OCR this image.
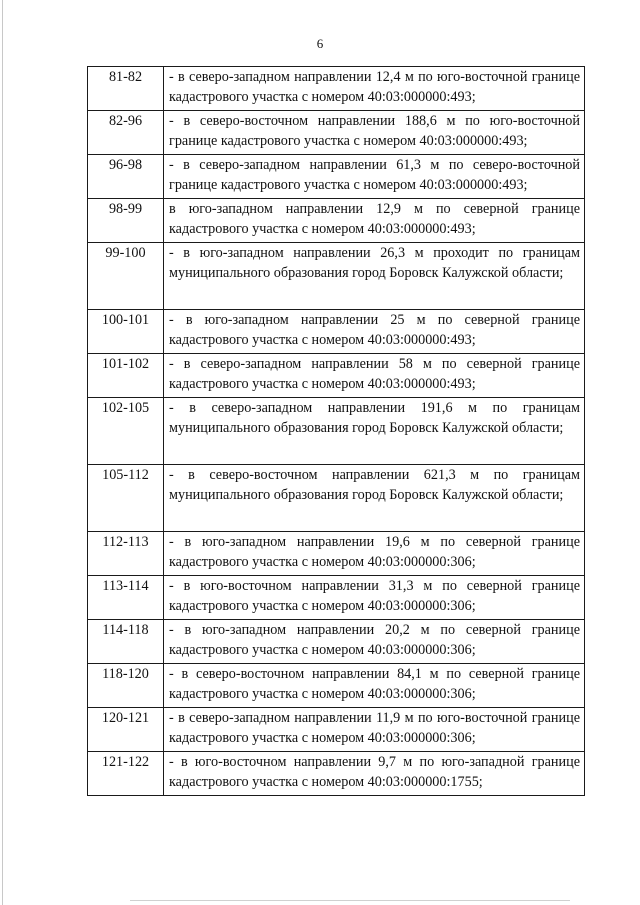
6
81-82	- в северо-западном направлении 12,4 м по юго-восточной границе кадастрового участка с номером 40:03:000000:493;
82-96	- в северо-восточном направлении 188,6 м по юго-восточной границе кадастрового участка с номером 40:03:000000:493;
96-98	- в северо-западном направлении 61,3 м по северо-восточной границе кадастрового участка с номером 40:03:000000:493;
98-99	в юго-западном направлении 12,9 м по северной границе кадастрового участка с номером 40:03:000000:493;
99-100	- в юго-западном направлении 26,3 м проходит по границам муниципального образования город Боровск Калужской области;
100-101	- в юго-западном направлении 25 м по северной границе кадастрового участка с номером 40:03:000000:493;
101-102	- в северо-западном направлении 58 м по северной границе кадастрового участка с номером 40:03:000000:493;
102-105	- в северо-западном направлении 191,6 м по границам муниципального образования город Боровск Калужской области;
105-112	- в северо-восточном направлении 621,3 м по границам муниципального образования город Боровск Калужской области;
112-113	- в юго-западном направлении 19,6 м по северной границе кадастрового участка с номером 40:03:000000:306;
113-114	- в юго-восточном направлении 31,3 м по северной границе кадастрового участка с номером 40:03:000000:306;
114-118	- в юго-западном направлении 20,2 м по северной границе кадастрового участка с номером 40:03:000000:306;
118-120	- в северо-восточном направлении 84,1 м по северной границе кадастрового участка с номером 40:03:000000:306;
120-121	- в северо-западном направлении 11,9 м по юго-восточной границе кадастрового участка с номером 40:03:000000:306;
121-122	- в юго-восточном направлении 9,7 м по юго-западной границе кадастрового участка с номером 40:03:000000:1755;
